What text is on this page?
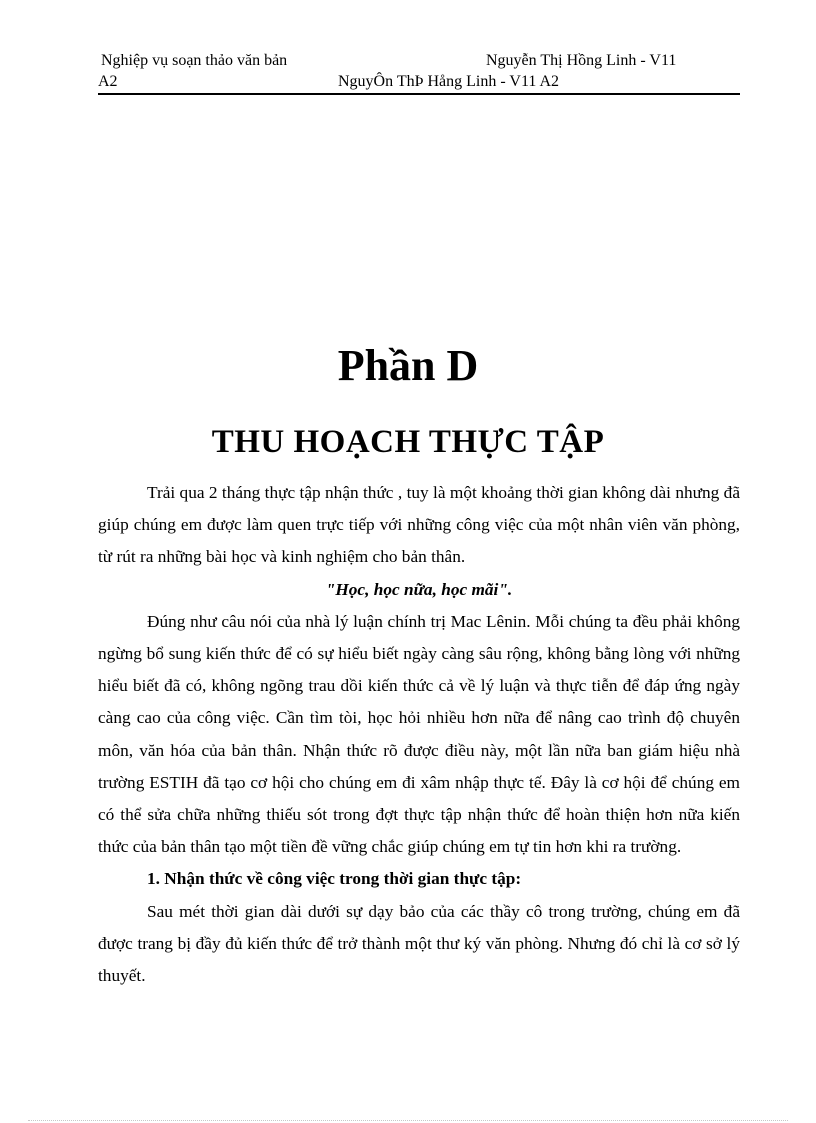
Nghiệp vụ soạn thảo văn bản	Nguyễn Thị Hồng Linh - V11
A2	NguyÔn ThÞ Hång Linh - V11 A2
Phần D
THU HOẠCH THỰC TẬP

Trải qua 2 tháng thực tập nhận thức , tuy là một khoảng thời gian không dài nhưng đã giúp chúng em được làm quen trực tiếp với những công việc của một nhân viên văn phòng, từ rút ra những bài học và kinh nghiệm cho bản thân.

"Học, học nữa, học mãi".

Đúng như câu nói của nhà lý luận chính trị Mac Lênin. Mỗi chúng ta đều phải không ngừng bổ sung kiến thức để có sự hiểu biết ngày càng sâu rộng, không bằng lòng với những hiểu biết đã có, không ngõng trau dồi kiến thức cả về lý luận và thực tiễn để đáp ứng ngày càng cao của công việc. Cần tìm tòi, học hỏi nhiều hơn nữa để nâng cao trình độ chuyên môn, văn hóa của bản thân. Nhận thức rõ được điều này, một lần nữa ban giám hiệu nhà trường ESTIH đã tạo cơ hội cho chúng em đi xâm nhập thực tế. Đây là cơ hội để chúng em có thể sửa chữa những thiếu sót trong đợt thực tập nhận thức để hoàn thiện hơn nữa kiến thức của bản thân tạo một tiền đề vững chắc giúp chúng em tự tin hơn khi ra trường.

1. Nhận thức về công việc trong thời gian thực tập:

Sau mét thời gian dài dưới sự dạy bảo của các thầy cô trong trường, chúng em đã được trang bị đầy đủ kiến thức để trở thành một thư ký văn phòng. Nhưng đó chỉ là cơ sở lý thuyết.
